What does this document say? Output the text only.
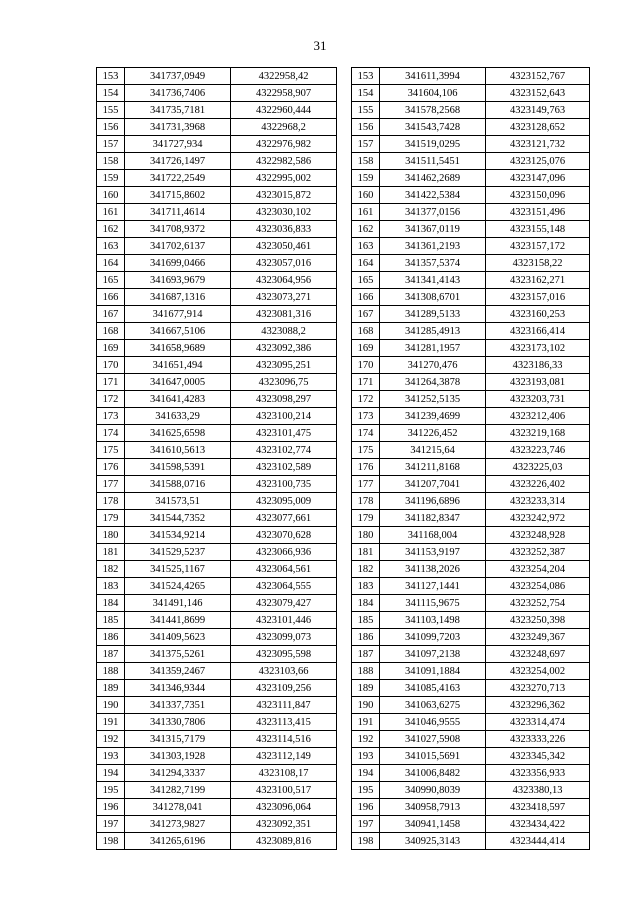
31
153	341737,0949	4322958,42
154	341736,7406	4322958,907
155	341735,7181	4322960,444
156	341731,3968	4322968,2
157	341727,934	4322976,982
158	341726,1497	4322982,586
159	341722,2549	4322995,002
160	341715,8602	4323015,872
161	341711,4614	4323030,102
162	341708,9372	4323036,833
163	341702,6137	4323050,461
164	341699,0466	4323057,016
165	341693,9679	4323064,956
166	341687,1316	4323073,271
167	341677,914	4323081,316
168	341667,5106	4323088,2
169	341658,9689	4323092,386
170	341651,494	4323095,251
171	341647,0005	4323096,75
172	341641,4283	4323098,297
173	341633,29	4323100,214
174	341625,6598	4323101,475
175	341610,5613	4323102,774
176	341598,5391	4323102,589
177	341588,0716	4323100,735
178	341573,51	4323095,009
179	341544,7352	4323077,661
180	341534,9214	4323070,628
181	341529,5237	4323066,936
182	341525,1167	4323064,561
183	341524,4265	4323064,555
184	341491,146	4323079,427
185	341441,8699	4323101,446
186	341409,5623	4323099,073
187	341375,5261	4323095,598
188	341359,2467	4323103,66
189	341346,9344	4323109,256
190	341337,7351	4323111,847
191	341330,7806	4323113,415
192	341315,7179	4323114,516
193	341303,1928	4323112,149
194	341294,3337	4323108,17
195	341282,7199	4323100,517
196	341278,041	4323096,064
197	341273,9827	4323092,351
198	341265,6196	4323089,816
153	341611,3994	4323152,767
154	341604,106	4323152,643
155	341578,2568	4323149,763
156	341543,7428	4323128,652
157	341519,0295	4323121,732
158	341511,5451	4323125,076
159	341462,2689	4323147,096
160	341422,5384	4323150,096
161	341377,0156	4323151,496
162	341367,0119	4323155,148
163	341361,2193	4323157,172
164	341357,5374	4323158,22
165	341341,4143	4323162,271
166	341308,6701	4323157,016
167	341289,5133	4323160,253
168	341285,4913	4323166,414
169	341281,1957	4323173,102
170	341270,476	4323186,33
171	341264,3878	4323193,081
172	341252,5135	4323203,731
173	341239,4699	4323212,406
174	341226,452	4323219,168
175	341215,64	4323223,746
176	341211,8168	4323225,03
177	341207,7041	4323226,402
178	341196,6896	4323233,314
179	341182,8347	4323242,972
180	341168,004	4323248,928
181	341153,9197	4323252,387
182	341138,2026	4323254,204
183	341127,1441	4323254,086
184	341115,9675	4323252,754
185	341103,1498	4323250,398
186	341099,7203	4323249,367
187	341097,2138	4323248,697
188	341091,1884	4323254,002
189	341085,4163	4323270,713
190	341063,6275	4323296,362
191	341046,9555	4323314,474
192	341027,5908	4323333,226
193	341015,5691	4323345,342
194	341006,8482	4323356,933
195	340990,8039	4323380,13
196	340958,7913	4323418,597
197	340941,1458	4323434,422
198	340925,3143	4323444,414
